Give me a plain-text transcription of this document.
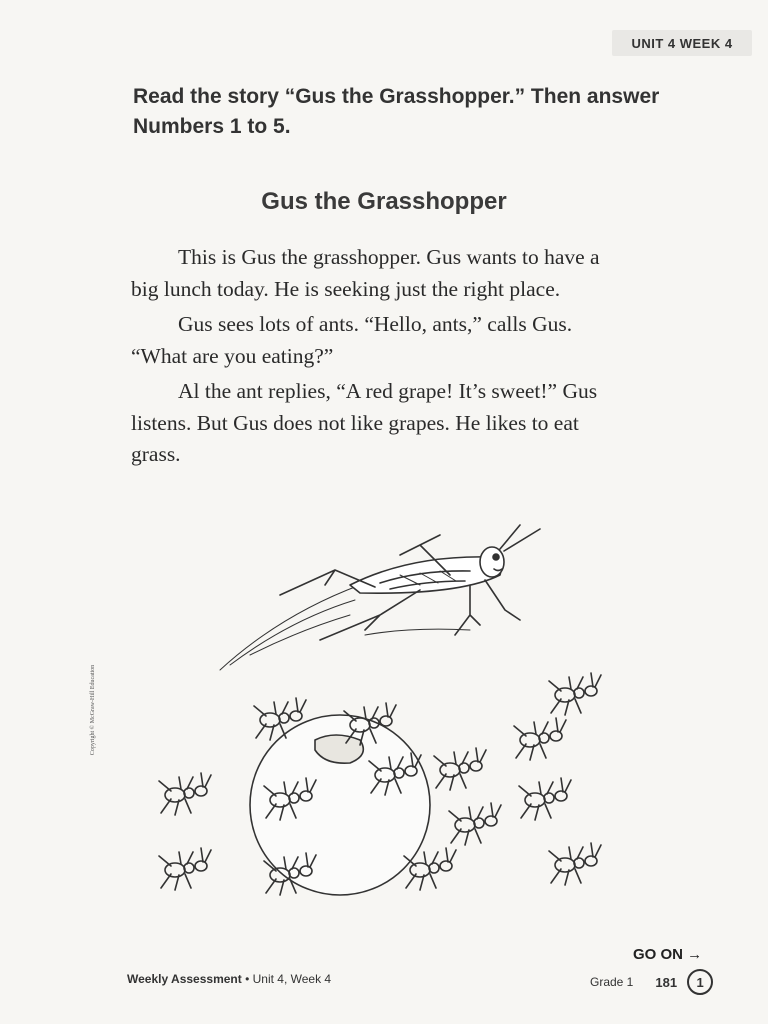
UNIT 4 WEEK 4
Read the story “Gus the Grasshopper.” Then answer Numbers 1 to 5.
Gus the Grasshopper

This is Gus the grasshopper. Gus wants to have a big lunch today. He is seeking just the right place.

Gus sees lots of ants. “Hello, ants,” calls Gus. “What are you eating?”

Al the ant replies, “A red grape! It’s sweet!” Gus listens. But Gus does not like grapes. He likes to eat grass.

Copyright © McGraw-Hill Education
GO ON →
Weekly Assessment • Unit 4, Week 4	Grade 1 181	1
